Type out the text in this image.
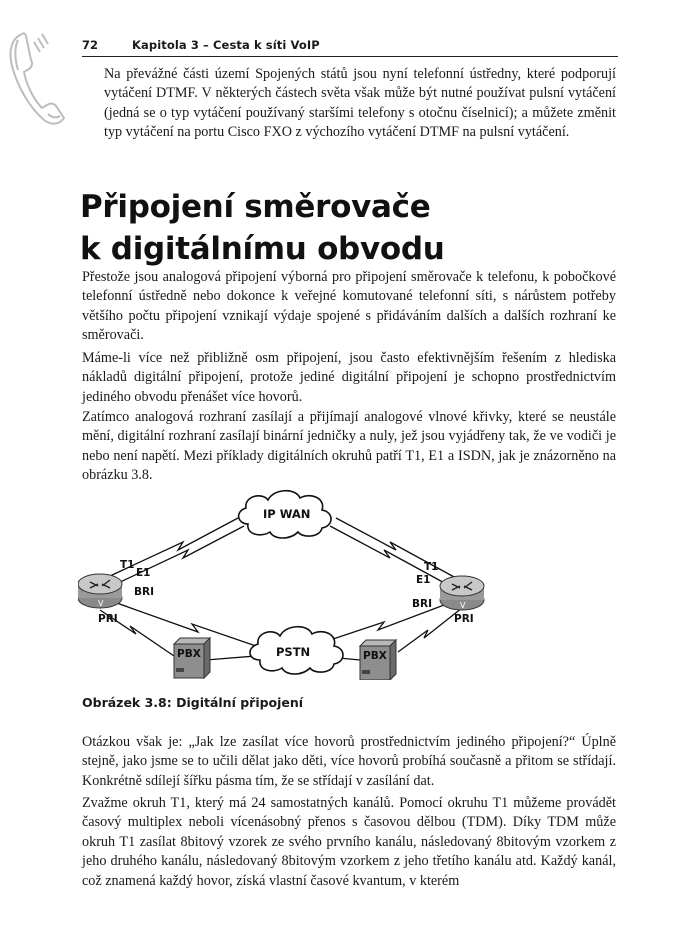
72	Kapitola 3 – Cesta k síti VoIP

Na převážné části území Spojených států jsou nyní telefonní ústředny, které podporují vytáčení DTMF. V některých částech světa však může být nutné používat pulsní vytáčení (jedná se o typ vytáčení používaný staršími telefony s otočnu číselnicí); a můžete změnit typ vytáčení na portu Cisco FXO z výchozího vytáčení DTMF na pulsní vytáčení.

Připojení směrovače
k digitálnímu obvodu

Přestože jsou analogová připojení výborná pro připojení směrovače k telefonu, k pobočkové telefonní ústředně nebo dokonce k veřejné komutované telefonní síti, s nárůstem potřeby většího počtu připojení vznikají výdaje spojené s přidáváním dalších a dalších rozhraní ke směrovači.

Máme-li více než přibližně osm připojení, jsou často efektivnějším řešením z hlediska nákladů digitální připojení, protože jediné digitální připojení je schopno prostřednictvím jediného obvodu přenášet více hovorů.

Zatímco analogová rozhraní zasílají a přijímají analogové vlnové křivky, které se neustále mění, digitální rozhraní zasílají binární jedničky a nuly, jež jsou vyjádřeny tak, že ve vodiči je nebo není napětí. Mezi příklady digitálních okruhů patří T1, E1 a ISDN, jak je znázorněno na obrázku 3.8.

IP WAN
PSTN
V	V
PBX	PBX
T1
E1
BRI
PRI
T1
E1
BRI
PRI
Obrázek 3.8: Digitální připojení

Otázkou však je: „Jak lze zasílat více hovorů prostřednictvím jediného připojení?“ Úplně stejně, jako jsme se to učili dělat jako děti, více hovorů probíhá současně a přitom se střídají. Konkrétně sdílejí šířku pásma tím, že se střídají v zasílání dat.

Zvažme okruh T1, který má 24 samostatných kanálů. Pomocí okruhu T1 můžeme provádět časový multiplex neboli vícenásobný přenos s časovou dělbou (TDM). Díky TDM může okruh T1 zasílat 8bitový vzorek ze svého prvního kanálu, následovaný 8bitovým vzorkem z jeho druhého kanálu, následovaný 8bitovým vzorkem z jeho třetího kanálu atd. Každý kanál, což znamená každý hovor, získá vlastní časové kvantum, v kterém
